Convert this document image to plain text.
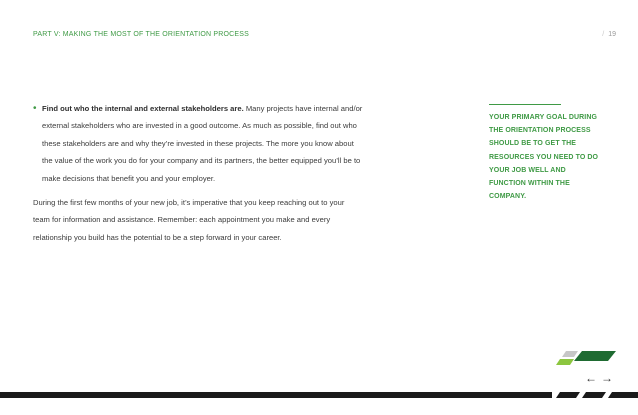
PART V: MAKING THE MOST OF THE ORIENTATION PROCESS	/ 19

• Find out who the internal and external stakeholders are. Many projects have internal and/or external stakeholders who are invested in a good outcome. As much as possible, find out who these stakeholders are and why they’re invested in these projects. The more you know about the value of the work you do for your company and its partners, the better equipped you’ll be to make decisions that benefit you and your employer.

During the first few months of your new job, it’s imperative that you keep reaching out to your team for information and assistance. Remember: each appointment you make and every relationship you build has the potential to be a step forward in your career.

YOUR PRIMARY GOAL DURING THE ORIENTATION PROCESS SHOULD BE TO GET THE RESOURCES YOU NEED TO DO YOUR JOB WELL AND FUNCTION WITHIN THE COMPANY.
← →
